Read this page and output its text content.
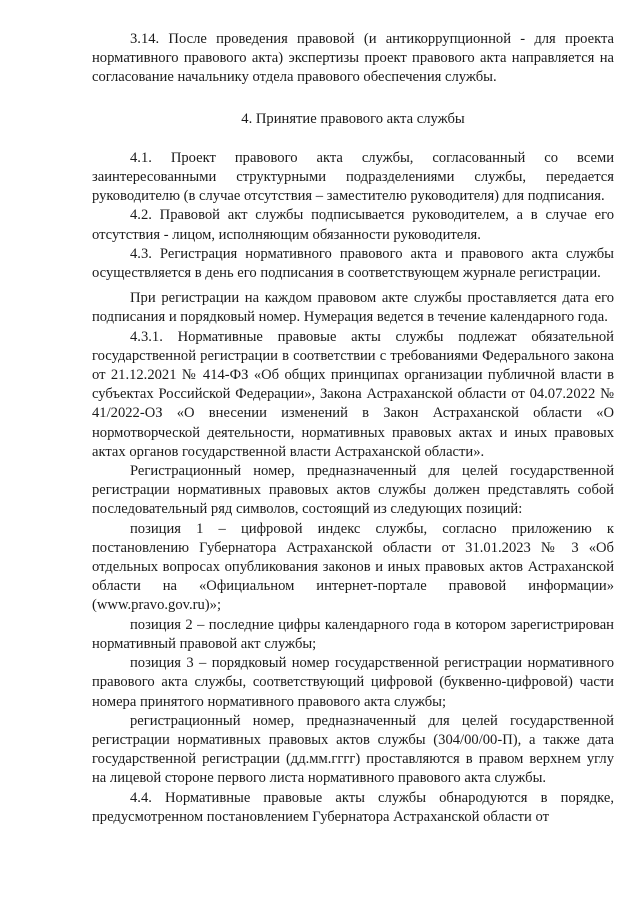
3.14. После проведения правовой (и антикоррупционной - для проекта нормативного правового акта) экспертизы проект правового акта направляется на согласование начальнику отдела правового обеспечения службы.

4. Принятие правового акта службы

4.1. Проект правового акта службы, согласованный со всеми заинтересованными структурными подразделениями службы, передается руководителю (в случае отсутствия – заместителю руководителя) для подписания.

4.2. Правовой акт службы подписывается руководителем, а в случае его отсутствия - лицом, исполняющим обязанности руководителя.

4.3. Регистрация нормативного правового акта и правового акта службы осуществляется в день его подписания в соответствующем журнале регистрации.

При регистрации на каждом правовом акте службы проставляется дата его подписания и порядковый номер. Нумерация ведется в течение календарного года.

4.3.1. Нормативные правовые акты службы подлежат обязательной государственной регистрации в соответствии с требованиями Федерального закона от 21.12.2021 № 414-ФЗ «Об общих принципах организации публичной власти в субъектах Российской Федерации», Закона Астраханской области от 04.07.2022 № 41/2022-ОЗ «О внесении изменений в Закон Астраханской области «О нормотворческой деятельности, нормативных правовых актах и иных правовых актах органов государственной власти Астраханской области».

Регистрационный номер, предназначенный для целей государственной регистрации нормативных правовых актов службы должен представлять собой последовательный ряд символов, состоящий из следующих позиций:

позиция 1 – цифровой индекс службы, согласно приложению к постановлению Губернатора Астраханской области от 31.01.2023 № 3 «Об отдельных вопросах опубликования законов и иных правовых актов Астраханской области на «Официальном интернет-портале правовой информации» (www.pravo.gov.ru)»;

позиция 2 – последние цифры календарного года в котором зарегистрирован нормативный правовой акт службы;

позиция 3 – порядковый номер государственной регистрации нормативного правового акта службы, соответствующий цифровой (буквенно-цифровой) части номера принятого нормативного правового акта службы;

регистрационный номер, предназначенный для целей государственной регистрации нормативных правовых актов службы (304/00/00-П), а также дата государственной регистрации (дд.мм.гггг) проставляются в правом верхнем углу на лицевой стороне первого листа нормативного правового акта службы.

4.4. Нормативные правовые акты службы обнародуются в порядке, предусмотренном постановлением Губернатора Астраханской области от
